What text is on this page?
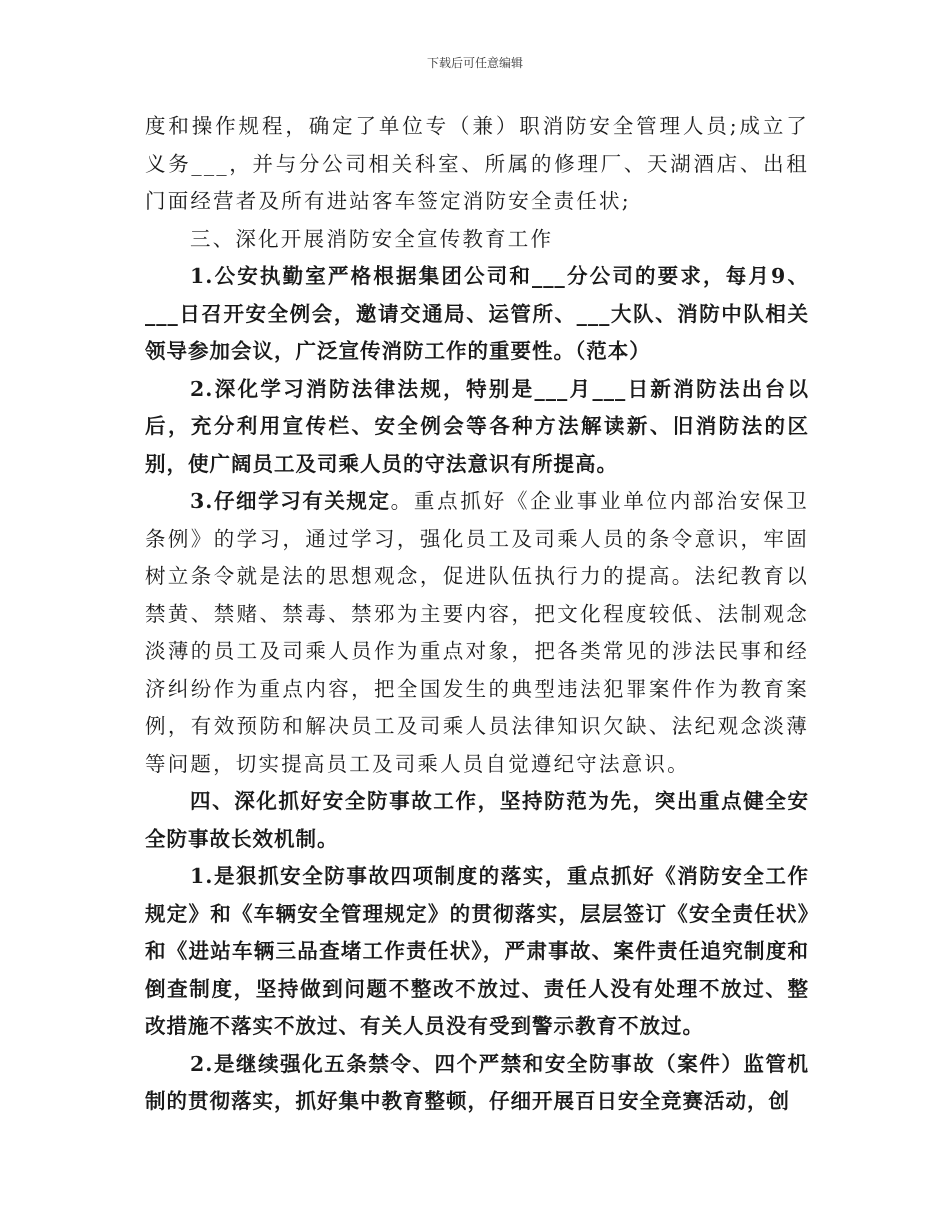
下载后可任意编辑

度和操作规程，确定了单位专（兼）职消防安全管理人员;成立了义务___，并与分公司相关科室、所属的修理厂、天湖酒店、出租门面经营者及所有进站客车签定消防安全责任状;

三、深化开展消防安全宣传教育工作

1.公安执勤室严格根据集团公司和___分公司的要求，每月9、___日召开安全例会，邀请交通局、运管所、___大队、消防中队相关领导参加会议，广泛宣传消防工作的重要性。（范本）

2.深化学习消防法律法规，特别是___月___日新消防法出台以后，充分利用宣传栏、安全例会等各种方法解读新、旧消防法的区别，使广阔员工及司乘人员的守法意识有所提高。

3.仔细学习有关规定。重点抓好《企业事业单位内部治安保卫条例》的学习，通过学习，强化员工及司乘人员的条令意识，牢固树立条令就是法的思想观念，促进队伍执行力的提高。法纪教育以禁黄、禁赌、禁毒、禁邪为主要内容，把文化程度较低、法制观念淡薄的员工及司乘人员作为重点对象，把各类常见的涉法民事和经济纠纷作为重点内容，把全国发生的典型违法犯罪案件作为教育案例，有效预防和解决员工及司乘人员法律知识欠缺、法纪观念淡薄等问题，切实提高员工及司乘人员自觉遵纪守法意识。

四、深化抓好安全防事故工作，坚持防范为先，突出重点健全安全防事故长效机制。

1.是狠抓安全防事故四项制度的落实，重点抓好《消防安全工作规定》和《车辆安全管理规定》的贯彻落实，层层签订《安全责任状》和《进站车辆三品查堵工作责任状》，严肃事故、案件责任追究制度和倒查制度，坚持做到问题不整改不放过、责任人没有处理不放过、整改措施不落实不放过、有关人员没有受到警示教育不放过。

2.是继续强化五条禁令、四个严禁和安全防事故（案件）监管机制的贯彻落实，抓好集中教育整顿，仔细开展百日安全竞赛活动，创
